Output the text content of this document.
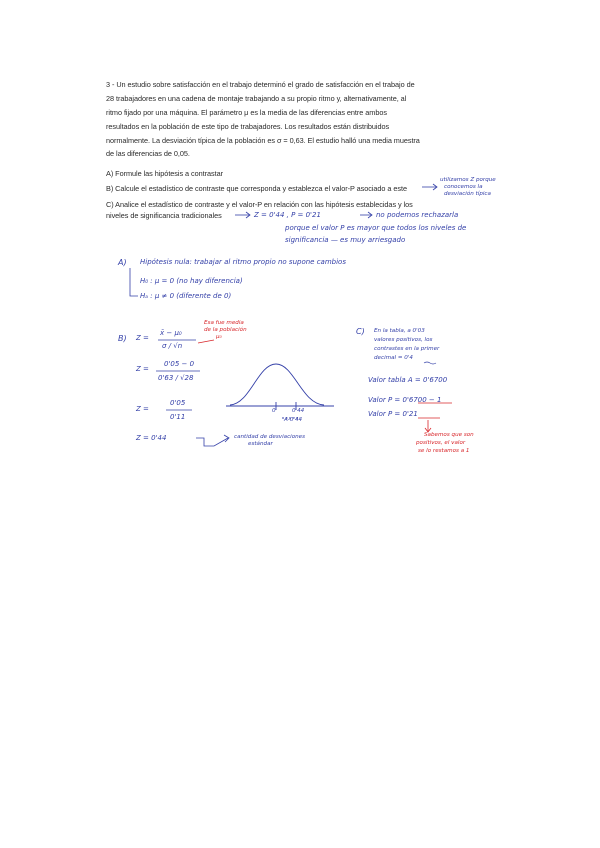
3 - Un estudio sobre satisfacción en el trabajo determinó el grado de satisfacción en el trabajo de
28 trabajadores en una cadena de montaje trabajando a su propio ritmo y, alternativamente, al
ritmo fijado por una máquina. El parámetro μ es la media de las diferencias entre ambos
resultados en la población de este tipo de trabajadores. Los resultados están distribuidos
normalmente. La desviación típica de la población es σ = 0,63. El estudio halló una media muestra
de las diferencias de 0,05.
A) Formule las hipótesis a contrastar
B) Calcule el estadístico de contraste que corresponda y establezca el valor-P asociado a este
C) Analice el estadístico de contraste y el valor-P en relación con las hipótesis establecidas y los
niveles de significancia tradicionales
utilizamos Z porque
conocemos la
desviación típica
Z = 0'44 , P = 0'21	no podemos rechazarla
porque el valor P es mayor que todos los niveles de
significancia — es muy arriesgado
A) Hipótesis nula: trabajar al ritmo propio no supone cambios
H₀ : μ = 0 (no hay diferencia)
Hₐ : μ ≠ 0 (diferente de 0)
B) Z =
x̄ − μ₀
σ / √n
Esa fue media
de la población
μ₀
Z =
0'05 − 0
0'63 / √28
Z =
0'05
0'11
Z = 0'44	cantidad de desviaciones
estándar
0	0'44
A-0'44
C) En la tabla, a 0'03
valores positivos, los
contrastes en la primer
decimal = 0'4
Valor tabla A = 0'6700
Valor P = 0'6700 − 1
Valor P = 0'21
Sabemos que son
positivos, el valor
se lo restamos a 1
